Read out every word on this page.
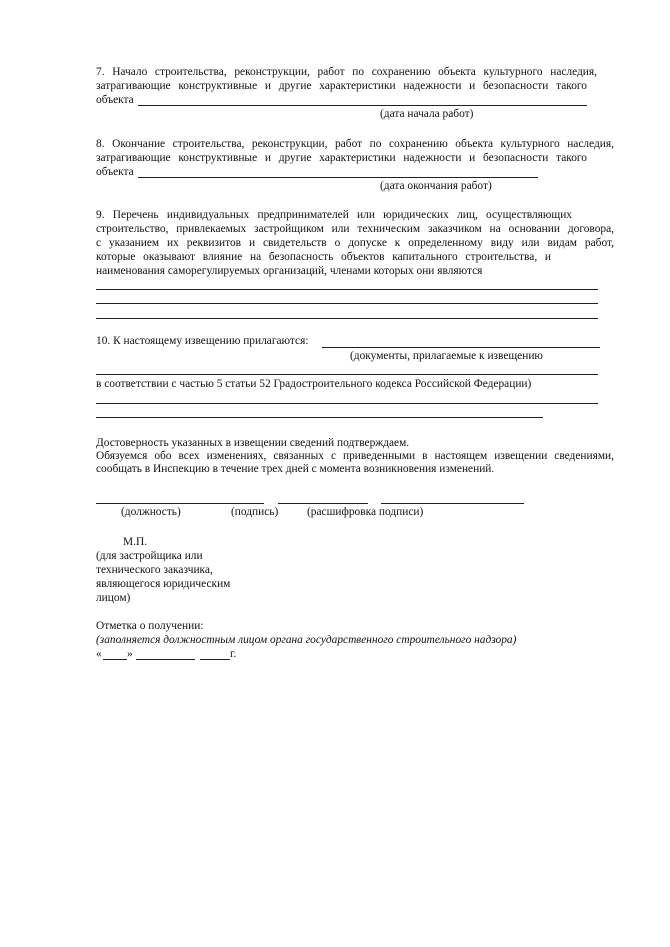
7. Начало строительства, реконструкции, работ по сохранению объекта культурного наследия,

затрагивающие конструктивные и другие характеристики надежности и безопасности такого

объекта

(дата начала работ)

8. Окончание строительства, реконструкции, работ по сохранению объекта культурного наследия,

затрагивающие конструктивные и другие характеристики надежности и безопасности такого

объекта

(дата окончания работ)

9. Перечень индивидуальных предпринимателей или юридических лиц, осуществляющих

строительство, привлекаемых застройщиком или техническим заказчиком на основании договора,

с указанием их реквизитов и свидетельств о допуске к определенному виду или видам работ,

которые оказывают влияние на безопасность объектов капитального строительства, и

наименования саморегулируемых организаций, членами которых они являются

10. К настоящему извещению прилагаются:

(документы, прилагаемые к извещению

в соответствии с частью 5 статьи 52 Градостроительного кодекса Российской Федерации)

Достоверность указанных в извещении сведений подтверждаем.

Обязуемся обо всех изменениях, связанных с приведенными в настоящем извещении сведениями,

сообщать в Инспекцию в течение трех дней с момента возникновения изменений.

(должность)	(подпись)	(расшифровка подписи)

М.П.

(для застройщика или

технического заказчика,

являющегося юридическим

лицом)

Отметка о получении:

(заполняется должностным лицом органа государственного строительного надзора)

« »	г.
